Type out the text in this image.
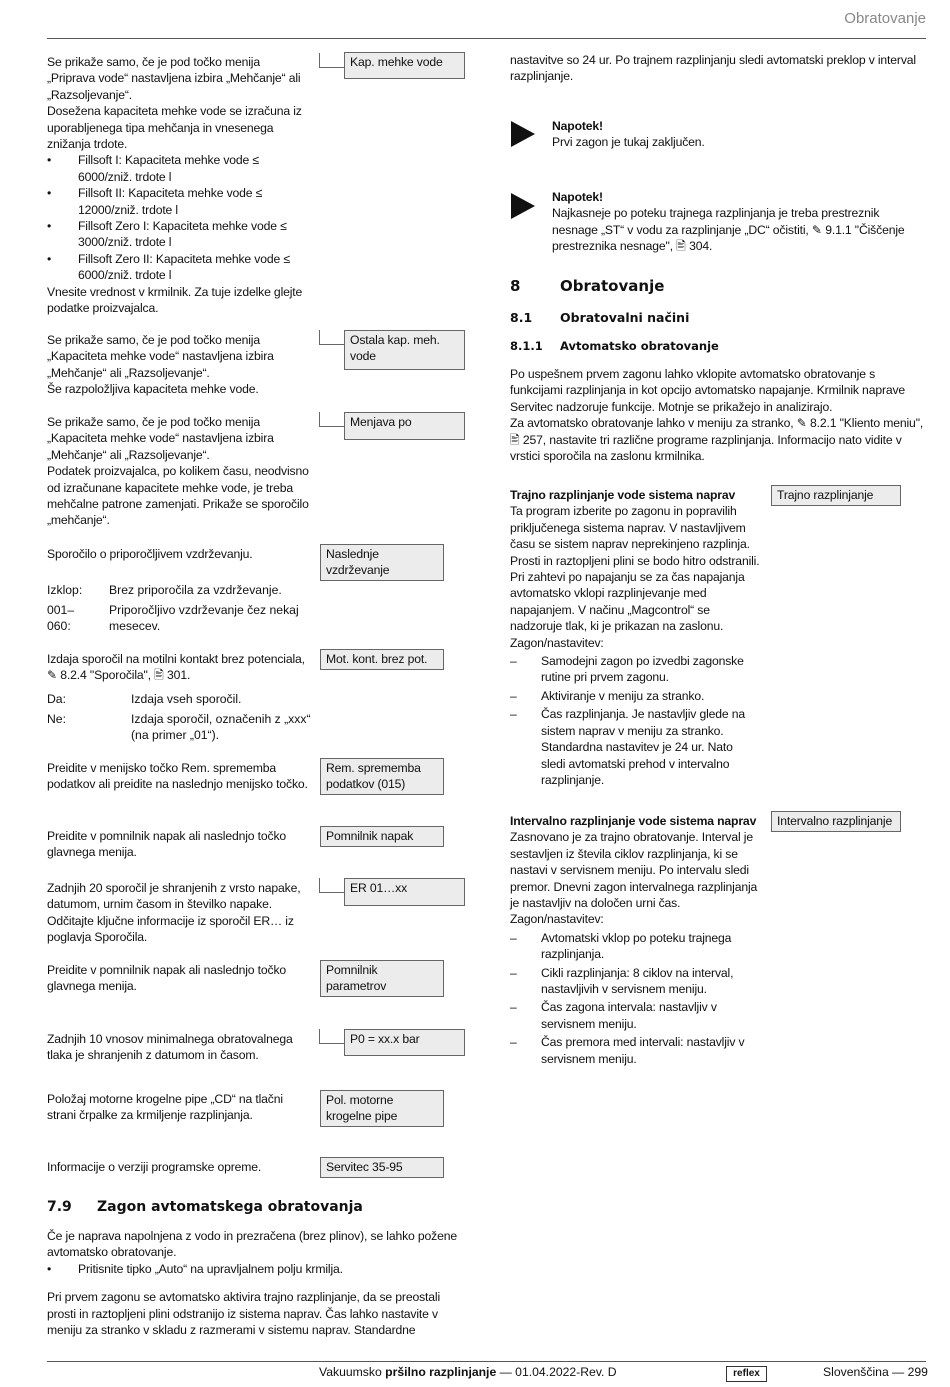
Obratovanje

Se prikaže samo, če je pod točko menija „Priprava vode“ nastavljena izbira „Mehčanje“ ali „Razsoljevanje“.

Dosežena kapaciteta mehke vode se izračuna iz uporabljenega tipa mehčanja in vnesenega znižanja trdote.

• Fillsoft I: Kapaciteta mehke vode ≤ 6000/zniž. trdote l
• Fillsoft II: Kapaciteta mehke vode ≤ 12000/zniž. trdote l
• Fillsoft Zero I: Kapaciteta mehke vode ≤ 3000/zniž. trdote l
• Fillsoft Zero II: Kapaciteta mehke vode ≤ 6000/zniž. trdote l

Vnesite vrednost v krmilnik. Za tuje izdelke glejte podatke proizvajalca.

Kap. mehke vode

Se prikaže samo, če je pod točko menija „Kapaciteta mehke vode“ nastavljena izbira „Mehčanje“ ali „Razsoljevanje“.

Še razpoložljiva kapaciteta mehke vode.

Ostala kap. meh. vode

Se prikaže samo, če je pod točko menija „Kapaciteta mehke vode“ nastavljena izbira „Mehčanje“ ali „Razsoljevanje“.

Podatek proizvajalca, po kolikem času, neodvisno od izračunane kapacitete mehke vode, je treba mehčalne patrone zamenjati. Prikaže se sporočilo „mehčanje“.

Menjava po

Sporočilo o priporočljivem vzdrževanju.

Izklop: Brez priporočila za vzdrževanje.
001–060:
Priporočljivo vzdrževanje čez nekaj mesecev.
Naslednje vzdrževanje

Izdaja sporočil na motilni kontakt brez potenciala, ✎ 8.2.4 "Sporočila", 🖹 301.

Da:	Izdaja vseh sporočil.
Ne:	Izdaja sporočil, označenih z „xxx“ (na primer „01“).
Mot. kont. brez pot.

Preidite v menijsko točko Rem. sprememba podatkov ali preidite na naslednjo menijsko točko.

Rem. sprememba podatkov (015)

Preidite v pomnilnik napak ali naslednjo točko glavnega menija.

Pomnilnik napak

Zadnjih 20 sporočil je shranjenih z vrsto napake, datumom, urnim časom in številko napake.

Odčitajte ključne informacije iz sporočil ER… iz poglavja Sporočila.

ER 01…xx

Preidite v pomnilnik napak ali naslednjo točko glavnega menija.

Pomnilnik parametrov

Zadnjih 10 vnosov minimalnega obratovalnega tlaka je shranjenih z datumom in časom.

P0 = xx.x bar

Položaj motorne krogelne pipe „CD“ na tlačni strani črpalke za krmiljenje razplinjanja.

Pol. motorne krogelne pipe

Informacije o verziji programske opreme.	Servitec 35-95
7.9 Zagon avtomatskega obratovanja

Če je naprava napolnjena z vodo in prezračena (brez plinov), se lahko požene avtomatsko obratovanje.

• Pritisnite tipko „Auto“ na upravljalnem polju krmilja.

Pri prvem zagonu se avtomatsko aktivira trajno razplinjanje, da se preostali prosti in raztopljeni plini odstranijo iz sistema naprav. Čas lahko nastavite v meniju za stranko v skladu z razmerami v sistemu naprav. Standardne

nastavitve so 24 ur. Po trajnem razplinjanju sledi avtomatski preklop v interval razplinjanje.

Napotek!

Prvi zagon je tukaj zaključen.

Napotek!

Najkasneje po poteku trajnega razplinjanja je treba prestreznik nesnage „ST“ v vodu za razplinjanje „DC“ očistiti, ✎ 9.1.1 "Čiščenje prestreznika nesnage", 🖹 304.

8	Obratovanje
8.1 Obratovalni načini
8.1.1 Avtomatsko obratovanje

Po uspešnem prvem zagonu lahko vklopite avtomatsko obratovanje s funkcijami razplinjanja in kot opcijo avtomatsko napajanje. Krmilnik naprave Servitec nadzoruje funkcije. Motnje se prikažejo in analizirajo.

Za avtomatsko obratovanje lahko v meniju za stranko, ✎ 8.2.1 "Kliento meniu", 🖹 257, nastavite tri različne programe razplinjanja. Informacijo nato vidite v vrstici sporočila na zaslonu krmilnika.

Trajno razplinjanje vode sistema naprav

Ta program izberite po zagonu in popravilih priključenega sistema naprav. V nastavljivem času se sistem naprav neprekinjeno razplinja. Prosti in raztopljeni plini se bodo hitro odstranili. Pri zahtevi po napajanju se za čas napajanja avtomatsko vklopi razplinjevanje med napajanjem. V načinu „Magcontrol“ se nadzoruje tlak, ki je prikazan na zaslonu.

Zagon/nastavitev:

– Samodejni zagon po izvedbi zagonske rutine pri prvem zagonu.
– Aktiviranje v meniju za stranko.
– Čas razplinjanja. Je nastavljiv glede na sistem naprav v meniju za stranko. Standardna nastavitev je 24 ur. Nato sledi avtomatski prehod v intervalno razplinjanje.
Trajno razplinjanje

Intervalno razplinjanje vode sistema naprav

Zasnovano je za trajno obratovanje. Interval je sestavljen iz števila ciklov razplinjanja, ki se nastavi v servisnem meniju. Po intervalu sledi premor. Dnevni zagon intervalnega razplinjanja je nastavljiv na določen urni čas.

Zagon/nastavitev:

– Avtomatski vklop po poteku trajnega razplinjanja.
– Cikli razplinjanja: 8 ciklov na interval, nastavljivih v servisnem meniju.
– Čas zagona intervala: nastavljiv v servisnem meniju.
– Čas premora med intervali: nastavljiv v servisnem meniju.
Intervalno razplinjanje
Vakuumsko pršilno razplinjanje — 01.04.2022-Rev. D	reflex	Slovenščina — 299
